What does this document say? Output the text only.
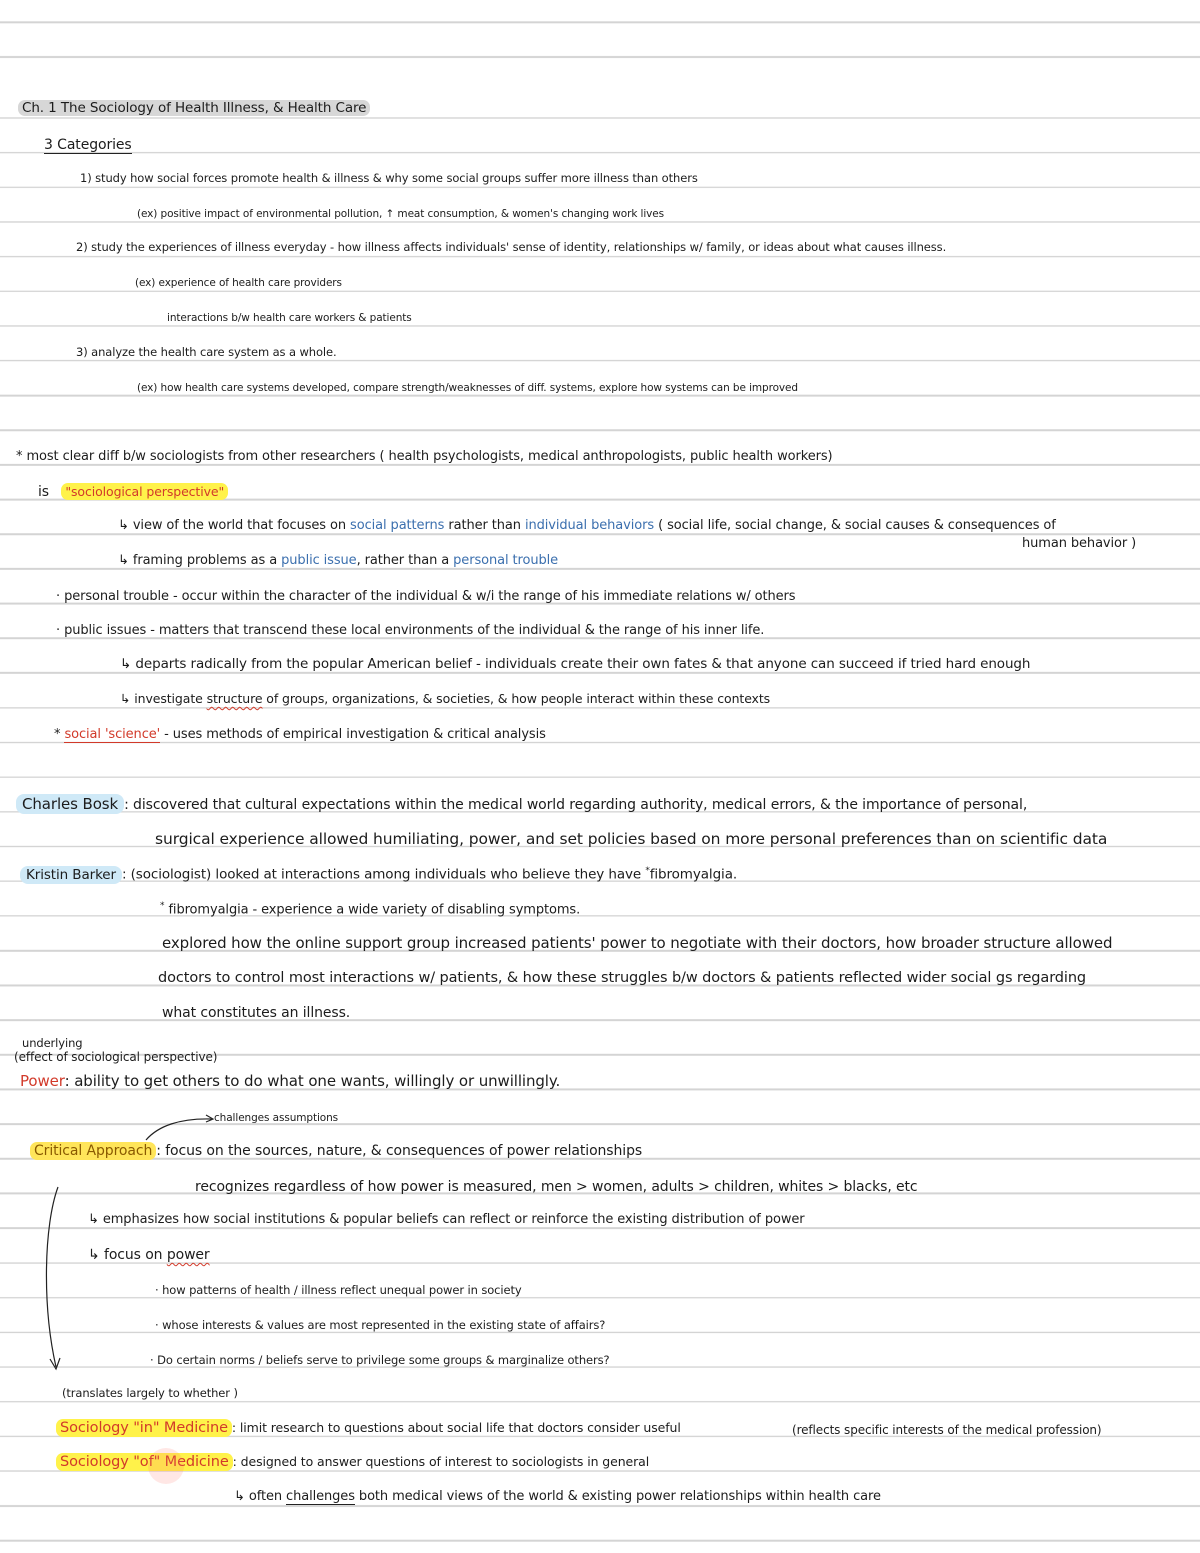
Ch. 1 The Sociology of Health Illness, & Health Care
3 Categories
1) study how social forces promote health & illness & why some social groups suffer more illness than others
(ex) positive impact of environmental pollution, ↑ meat consumption, & women's changing work lives
2) study the experiences of illness everyday - how illness affects individuals' sense of identity, relationships w/ family, or ideas about what causes illness.
(ex) experience of health care providers
interactions b/w health care workers & patients
3) analyze the health care system as a whole.
(ex) how health care systems developed, compare strength/weaknesses of diff. systems, explore how systems can be improved
* most clear diff b/w sociologists from other researchers ( health psychologists, medical anthropologists, public health workers)
is "sociological perspective"
↳ view of the world that focuses on social patterns rather than individual behaviors ( social life, social change, & social causes & consequences of
human behavior )
↳ framing problems as a public issue, rather than a personal trouble
· personal trouble - occur within the character of the individual & w/i the range of his immediate relations w/ others
· public issues - matters that transcend these local environments of the individual & the range of his inner life.
↳ departs radically from the popular American belief - individuals create their own fates & that anyone can succeed if tried hard enough
↳ investigate structure of groups, organizations, & societies, & how people interact within these contexts
* social 'science' - uses methods of empirical investigation & critical analysis
Charles Bosk : discovered that cultural expectations within the medical world regarding authority, medical errors, & the importance of personal,
surgical experience allowed humiliating, power, and set policies based on more personal preferences than on scientific data
Kristin Barker : (sociologist) looked at interactions among individuals who believe they have *fibromyalgia.
* fibromyalgia - experience a wide variety of disabling symptoms.
explored how the online support group increased patients' power to negotiate with their doctors, how broader structure allowed
doctors to control most interactions w/ patients, & how these struggles b/w doctors & patients reflected wider social gs regarding
what constitutes an illness.
underlying
(effect of sociological perspective)
Power: ability to get others to do what one wants, willingly or unwillingly.
challenges assumptions
Critical Approach : focus on the sources, nature, & consequences of power relationships
recognizes regardless of how power is measured, men > women, adults > children, whites > blacks, etc
↳ emphasizes how social institutions & popular beliefs can reflect or reinforce the existing distribution of power
↳ focus on power
· how patterns of health / illness reflect unequal power in society
· whose interests & values are most represented in the existing state of affairs?
· Do certain norms / beliefs serve to privilege some groups & marginalize others?
(translates largely to whether )
Sociology "in" Medicine : limit research to questions about social life that doctors consider useful	(reflects specific interests of the medical profession)
Sociology "of" Medicine : designed to answer questions of interest to sociologists in general
↳ often challenges both medical views of the world & existing power relationships within health care
